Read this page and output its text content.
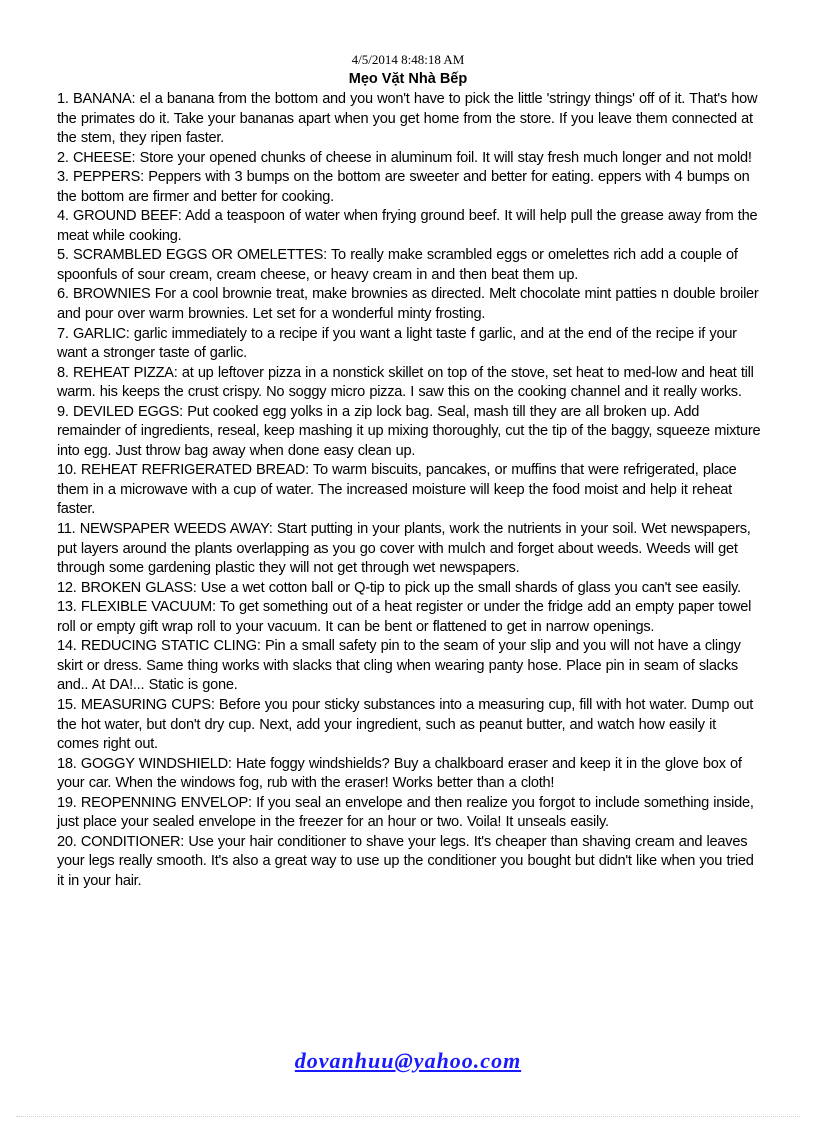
4/5/2014 8:48:18 AM
Mẹo Vặt Nhà Bếp
1. BANANA: el a banana from the bottom and you won't have to pick the little 'stringy things' off of it. That's how the primates do it. Take your bananas apart when you get home from the store. If you leave them connected at the stem, they ripen faster.
2. CHEESE: Store your opened chunks of cheese in aluminum foil. It will stay fresh much longer and not mold!
3. PEPPERS: Peppers with 3 bumps on the bottom are sweeter and better for eating. eppers with 4 bumps on the bottom are firmer and better for cooking.
4. GROUND BEEF: Add a teaspoon of water when frying ground beef. It will help pull the grease away from the meat while cooking.
5. SCRAMBLED EGGS OR OMELETTES: To really make scrambled eggs or omelettes rich add a couple of spoonfuls of sour cream, cream cheese, or heavy cream in and then beat them up.
6. BROWNIES For a cool brownie treat, make brownies as directed. Melt chocolate mint patties n double broiler and pour over warm brownies. Let set for a wonderful minty frosting.
7. GARLIC: garlic immediately to a recipe if you want a light taste f garlic, and at the end of the recipe if your want a stronger taste of garlic.
8. REHEAT PIZZA: at up leftover pizza in a nonstick skillet on top of the stove, set heat to med-low and heat till warm. his keeps the crust crispy. No soggy micro pizza. I saw this on the cooking channel and it really works.
9. DEVILED EGGS: Put cooked egg yolks in a zip lock bag. Seal, mash till they are all broken up. Add remainder of ingredients, reseal, keep mashing it up mixing thoroughly, cut the tip of the baggy, squeeze mixture into egg. Just throw bag away when done easy clean up.
10. REHEAT REFRIGERATED BREAD: To warm biscuits, pancakes, or muffins that were refrigerated, place them in a microwave with a cup of water. The increased moisture will keep the food moist and help it reheat faster.
11. NEWSPAPER WEEDS AWAY: Start putting in your plants, work the nutrients in your soil. Wet newspapers, put layers around the plants overlapping as you go cover with mulch and forget about weeds. Weeds will get through some gardening plastic they will not get through wet newspapers.
12. BROKEN GLASS: Use a wet cotton ball or Q-tip to pick up the small shards of glass you can't see easily.
13. FLEXIBLE VACUUM: To get something out of a heat register or under the fridge add an empty paper towel roll or empty gift wrap roll to your vacuum. It can be bent or flattened to get in narrow openings.
14. REDUCING STATIC CLING: Pin a small safety pin to the seam of your slip and you will not have a clingy skirt or dress. Same thing works with slacks that cling when wearing panty hose. Place pin in seam of slacks and.. At DA!... Static is gone.
15. MEASURING CUPS: Before you pour sticky substances into a measuring cup, fill with hot water. Dump out the hot water, but don't dry cup. Next, add your ingredient, such as peanut butter, and watch how easily it comes right out.
18. GOGGY WINDSHIELD: Hate foggy windshields? Buy a chalkboard eraser and keep it in the glove box of your car. When the windows fog, rub with the eraser! Works better than a cloth!
19. REOPENNING ENVELOP: If you seal an envelope and then realize you forgot to include something inside, just place your sealed envelope in the freezer for an hour or two. Voila! It unseals easily.
20. CONDITIONER: Use your hair conditioner to shave your legs. It's cheaper than shaving cream and leaves your legs really smooth. It's also a great way to use up the conditioner you bought but didn't like when you tried it in your hair.
dovanhuu@yahoo.com
